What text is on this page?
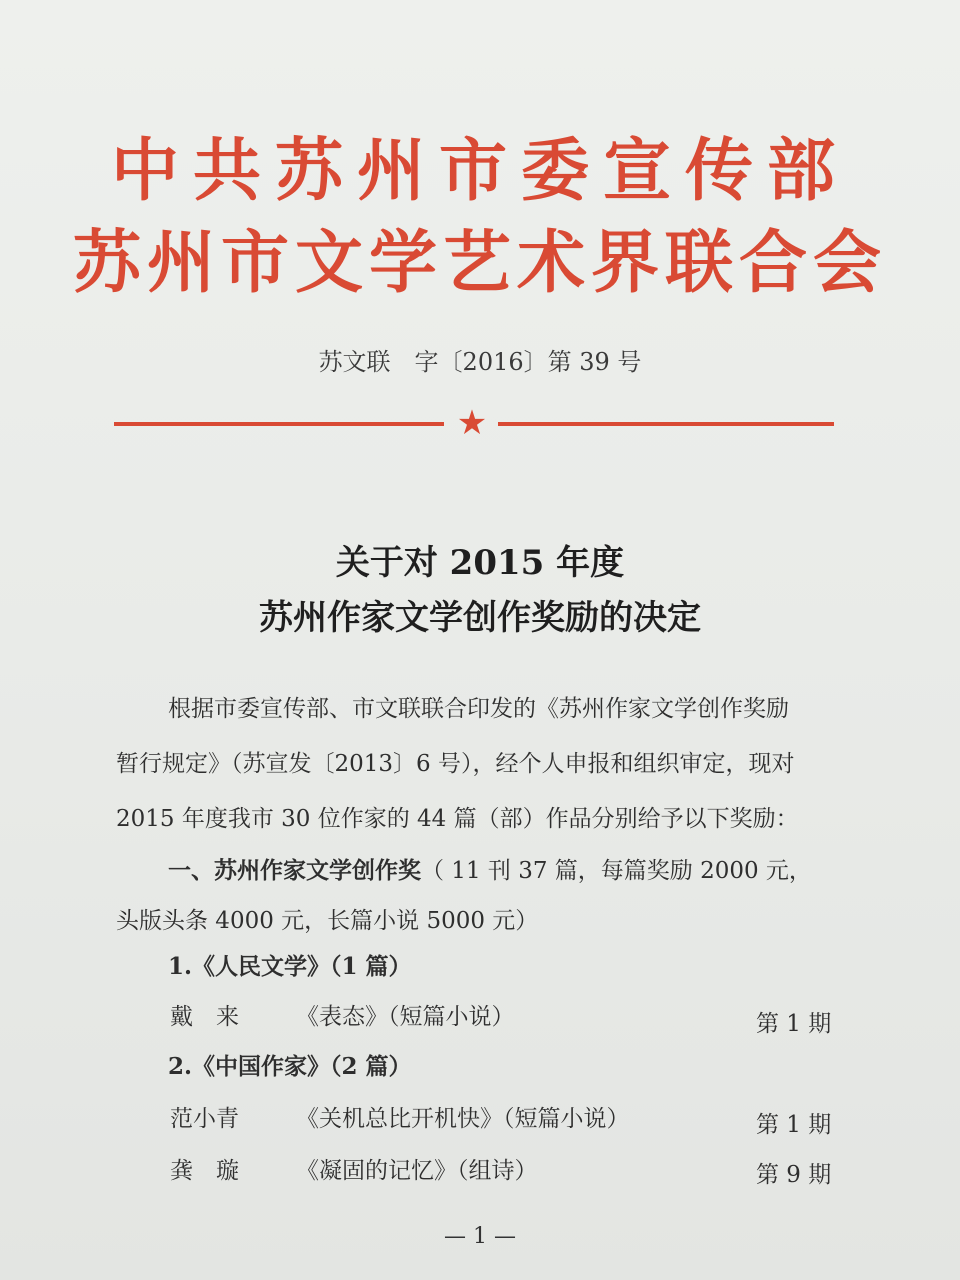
中共苏州市委宣传部
苏州市文学艺术界联合会
苏文联　字〔2016〕第 39 号
★
关于对 2015 年度
苏州作家文学创作奖励的决定
根据市委宣传部、市文联联合印发的《苏州作家文学创作奖励
暂行规定》（苏宣发〔2013〕6 号），经个人申报和组织审定，现对
2015 年度我市 30 位作家的 44 篇（部）作品分别给予以下奖励：
一、苏州作家文学创作奖（ 11 刊 37 篇，每篇奖励 2000 元，
头版头条 4000 元，长篇小说 5000 元）
1.《人民文学》（1 篇）
戴　来 《表态》（短篇小说）	第 1 期
2.《中国作家》（2 篇）
范小青 《关机总比开机快》（短篇小说）	第 1 期
龚　璇 《凝固的记忆》（组诗）	第 9 期
— 1 —
